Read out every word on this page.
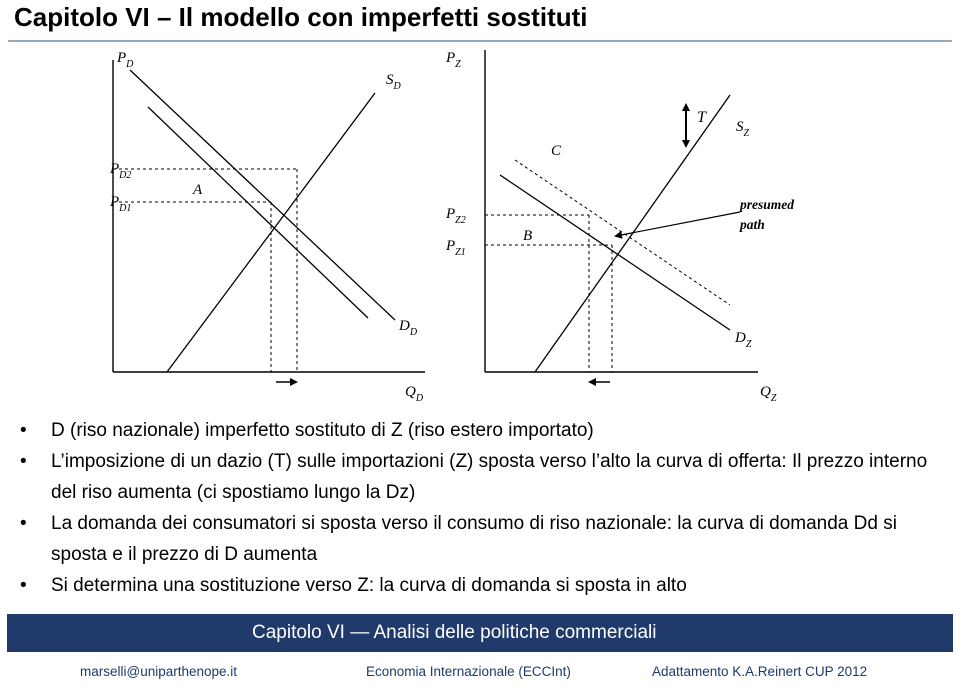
Capitolo VI – Il modello con imperfetti sostituti
$P_D$
$Q_D$
$S_D$
$D_D$
$P_{D2}$
$P_{D1}$
A
$P_Z$
$Q_Z$
$S_Z$
$D_Z$
T
$P_{Z2}$
$P_{Z1}$
C
B
presumed
path
• D (riso nazionale) imperfetto sostituto di Z (riso estero importato)
• L’imposizione di un dazio (T) sulle importazioni (Z) sposta verso l’alto la curva di offerta: Il prezzo interno del riso aumenta (ci spostiamo lungo la Dz)
• La domanda dei consumatori si sposta verso il consumo di riso nazionale: la curva di domanda Dd si sposta e il prezzo di D aumenta
• Si determina una sostituzione verso Z: la curva di domanda si sposta in alto
Capitolo VI — Analisi delle politiche commerciali
marselli@uniparthenope.it	Economia Internazionale (ECCInt)	Adattamento K.A.Reinert CUP 2012
